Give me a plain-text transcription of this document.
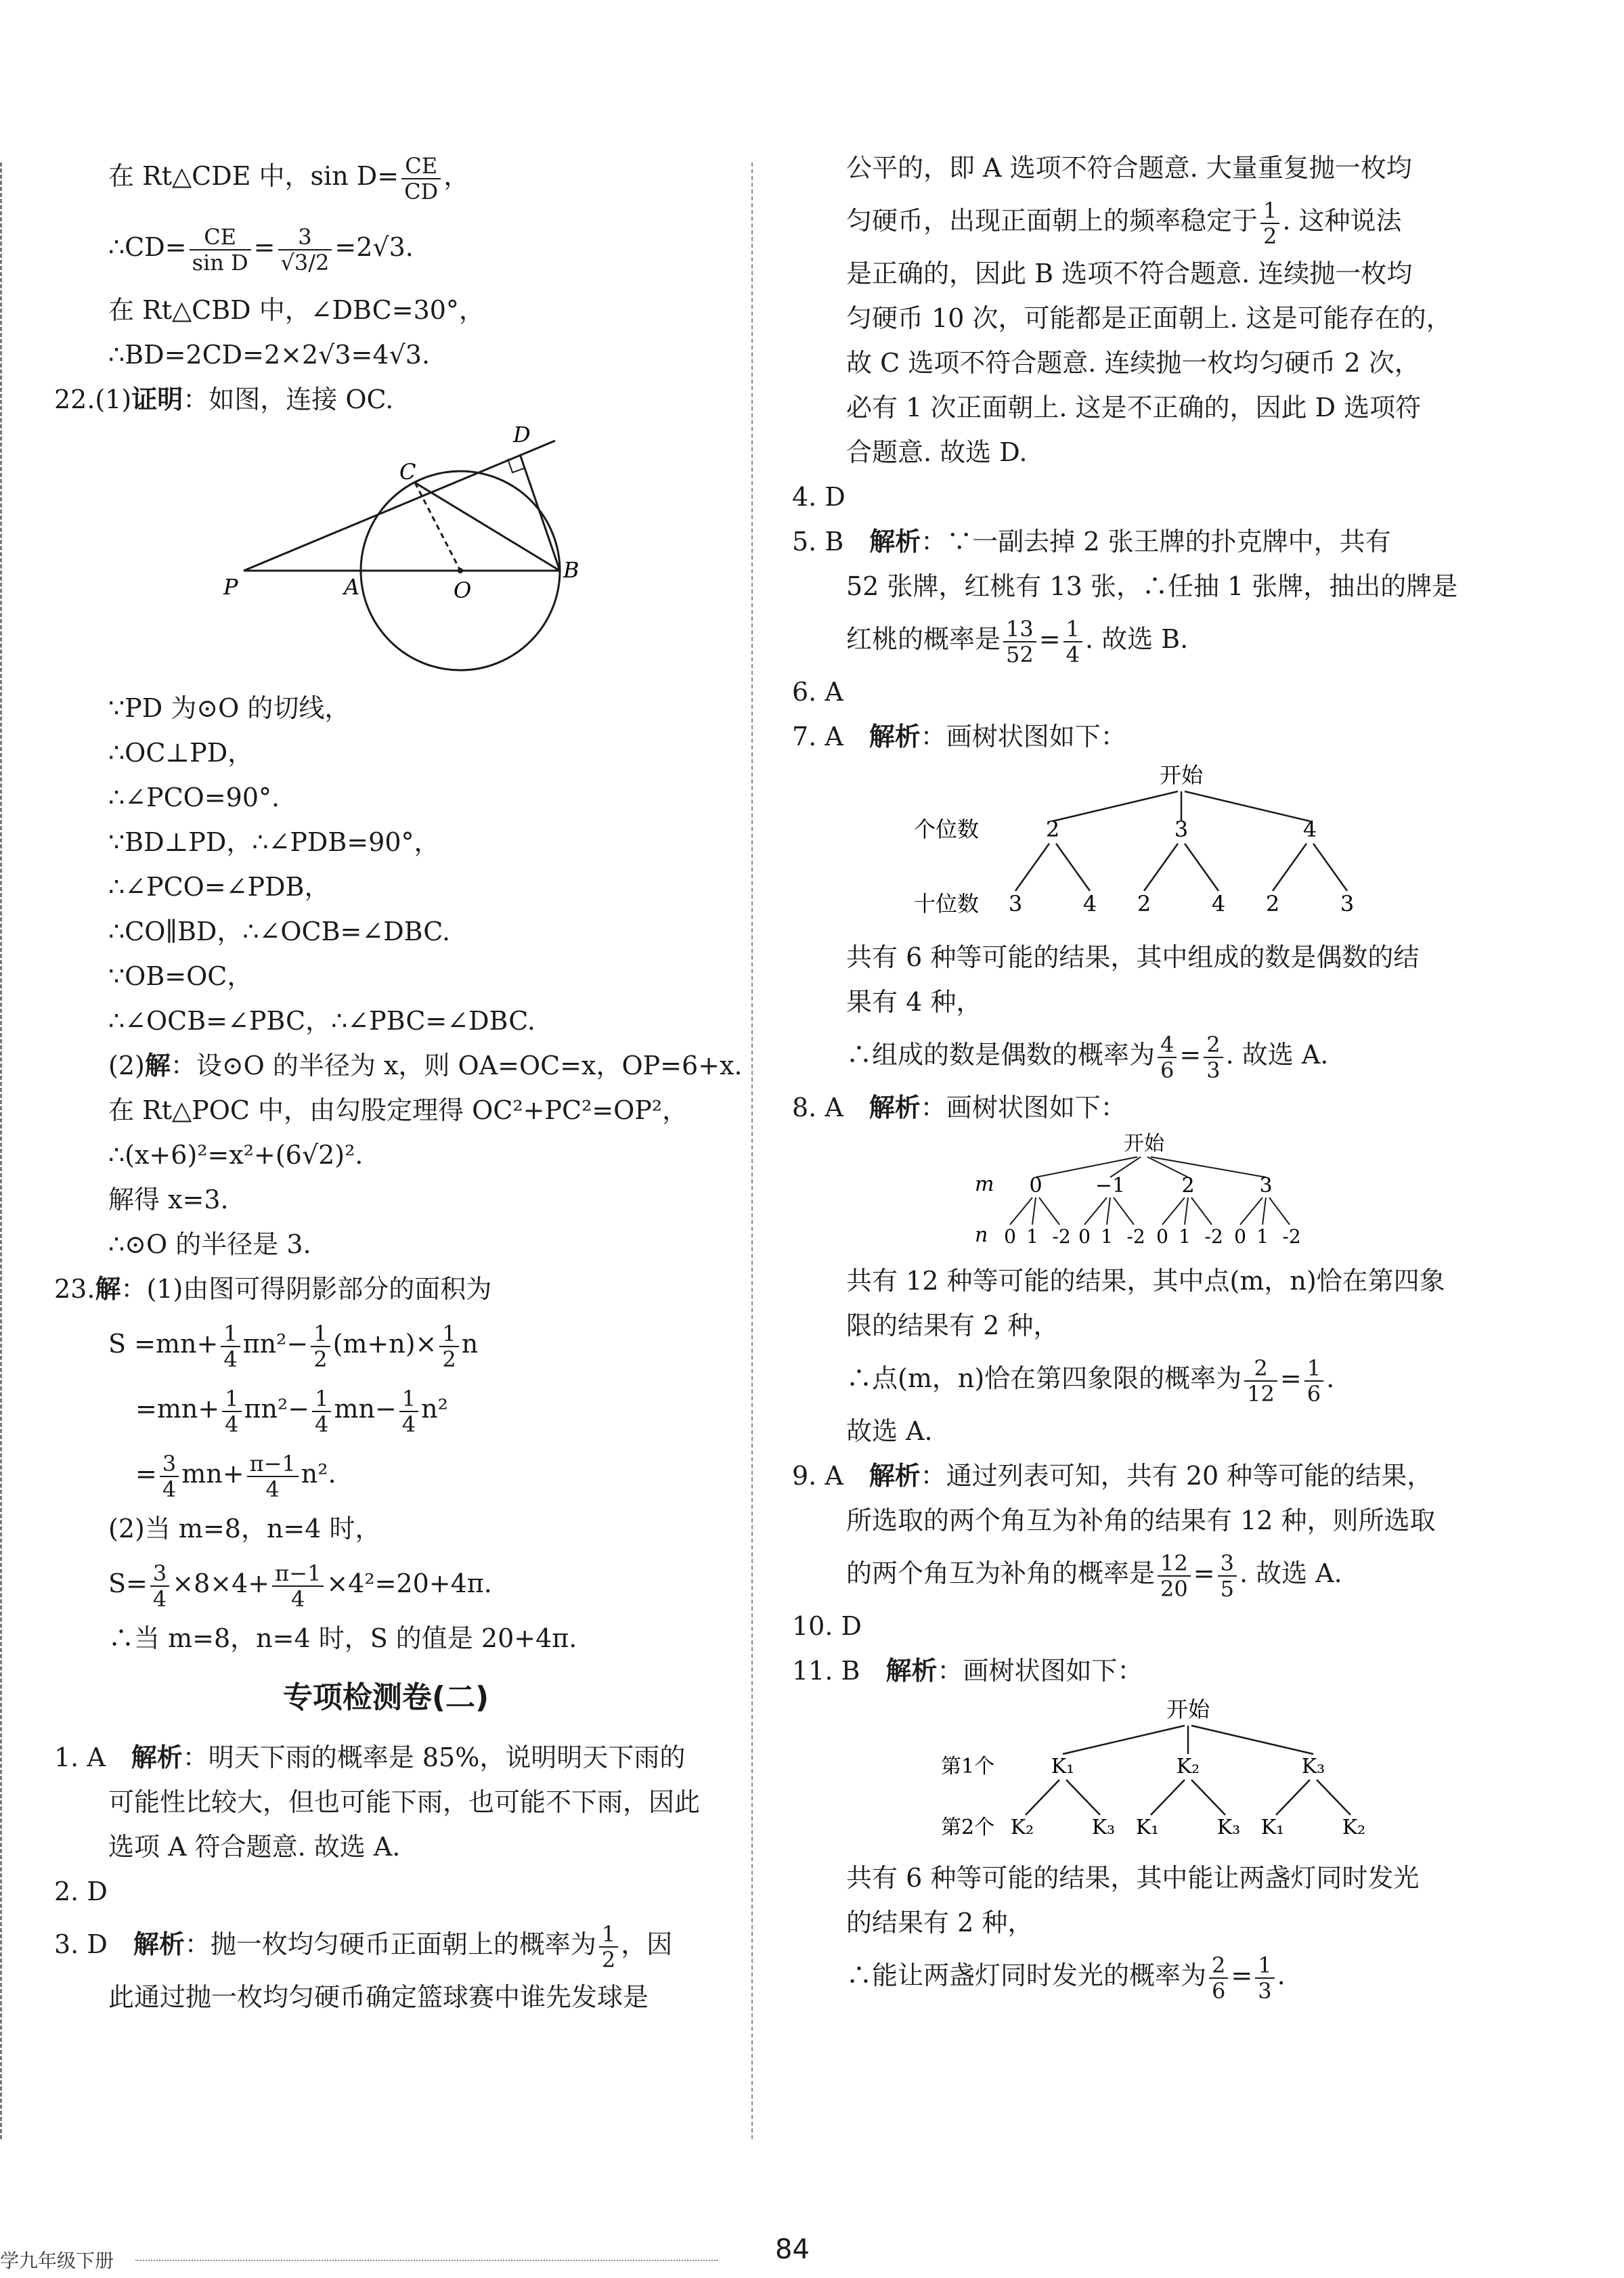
在 Rt△CDE 中，$\sin D= \frac{CE}{CD}$ ，
∴CD= $\frac{CE}{\text{sin D}} = \frac{3}{√3/2} =2√3$.
在 Rt△CBD 中，∠DBC=30°，
∴BD=2CD=2×2√3=4√3.
22.(1)证明：如图，连接 OC.
D
C
P	A	O
B
∵PD 为⊙O 的切线，
∴OC⊥PD，
∴∠PCO=90°.
∵BD⊥PD，∴∠PDB=90°，
∴∠PCO=∠PDB，
∴CO∥BD，∴∠OCB=∠DBC.
∵OB=OC，
∴∠OCB=∠PBC，∴∠PBC=∠DBC.
(2)解：设⊙O 的半径为 x，则 OA=OC=x，OP=6+x.
在 Rt△POC 中，由勾股定理得 OC²+PC²=OP²，
∴(x+6)²=x²+(6√2)².
解得 x=3.
∴⊙O 的半径是 3.
23.解：(1)由图可得阴影部分的面积为
$S =mn+ \frac{1}{4} \pi n^2- \frac{1}{2} (m+n)\times \frac{1}{2}$ n
$=mn+ \frac{1}{4} \pi n^2- \frac{1}{4} mn- \frac{1}{4} n^2$
= $\frac{3}{4} mn+ \frac{\pi-1}{4} n^2$.
(2)当 m=8，n=4 时，
$S= \frac{3}{4} \times 8\times 4+ \frac{\pi-1}{4} \times 4^2=20+4\pi$.
∴当 m=8，n=4 时，S 的值是 20+4π.
专项检测卷(二)
1. A　解析：明天下雨的概率是 85%，说明明天下雨的
可能性比较大，但也可能下雨，也可能不下雨，因此
选项 A 符合题意. 故选 A.
2. D
3. D　解析：抛一枚均匀硬币正面朝上的概率为 $\frac{1}{2}$ ，因
此通过抛一枚均匀硬币确定篮球赛中谁先发球是
公平的，即 A 选项不符合题意. 大量重复抛一枚均
匀硬币，出现正面朝上的频率稳定于 $\frac{1}{2}$ . 这种说法
是正确的，因此 B 选项不符合题意. 连续抛一枚均
匀硬币 10 次，可能都是正面朝上. 这是可能存在的，
故 C 选项不符合题意. 连续抛一枚均匀硬币 2 次，
必有 1 次正面朝上. 这是不正确的，因此 D 选项符
合题意. 故选 D.
4. D
5. B　解析：∵一副去掉 2 张王牌的扑克牌中，共有
52 张牌，红桃有 13 张，∴任抽 1 张牌，抽出的牌是
红桃的概率是 $\frac{13}{52} = \frac{1}{4}$ . 故选 B.
6. A
7. A　解析：画树状图如下：
开始
个位数
十位数
2	3	4
3	4 2	4 2	3
共有 6 种等可能的结果，其中组成的数是偶数的结
果有 4 种，
∴组成的数是偶数的概率为 $\frac{4}{6} = \frac{2}{3}$ . 故选 A.
8. A　解析：画树状图如下：
开始
m
n
0	−1	2	3
0 1 -2 0 1 -2 0 1 -2 0 1 -2
共有 12 种等可能的结果，其中点(m，n)恰在第四象
限的结果有 2 种，
∴点(m，n)恰在第四象限的概率为 $\frac{2}{12} = \frac{1}{6}$ .
故选 A.
9. A　解析：通过列表可知，共有 20 种等可能的结果，
所选取的两个角互为补角的结果有 12 种，则所选取
的两个角互为补角的概率是 $\frac{12}{20} = \frac{3}{5}$ . 故选 A.
10. D
11. B　解析：画树状图如下：
开始
第1个
第2个
K₁	K₂	K₃
K₂	K₃ K₁	K₃ K₁	K₂
共有 6 种等可能的结果，其中能让两盏灯同时发光
的结果有 2 种，
∴能让两盏灯同时发光的概率为 $\frac{2}{6} = \frac{1}{3}$ .
学九年级下册	84
